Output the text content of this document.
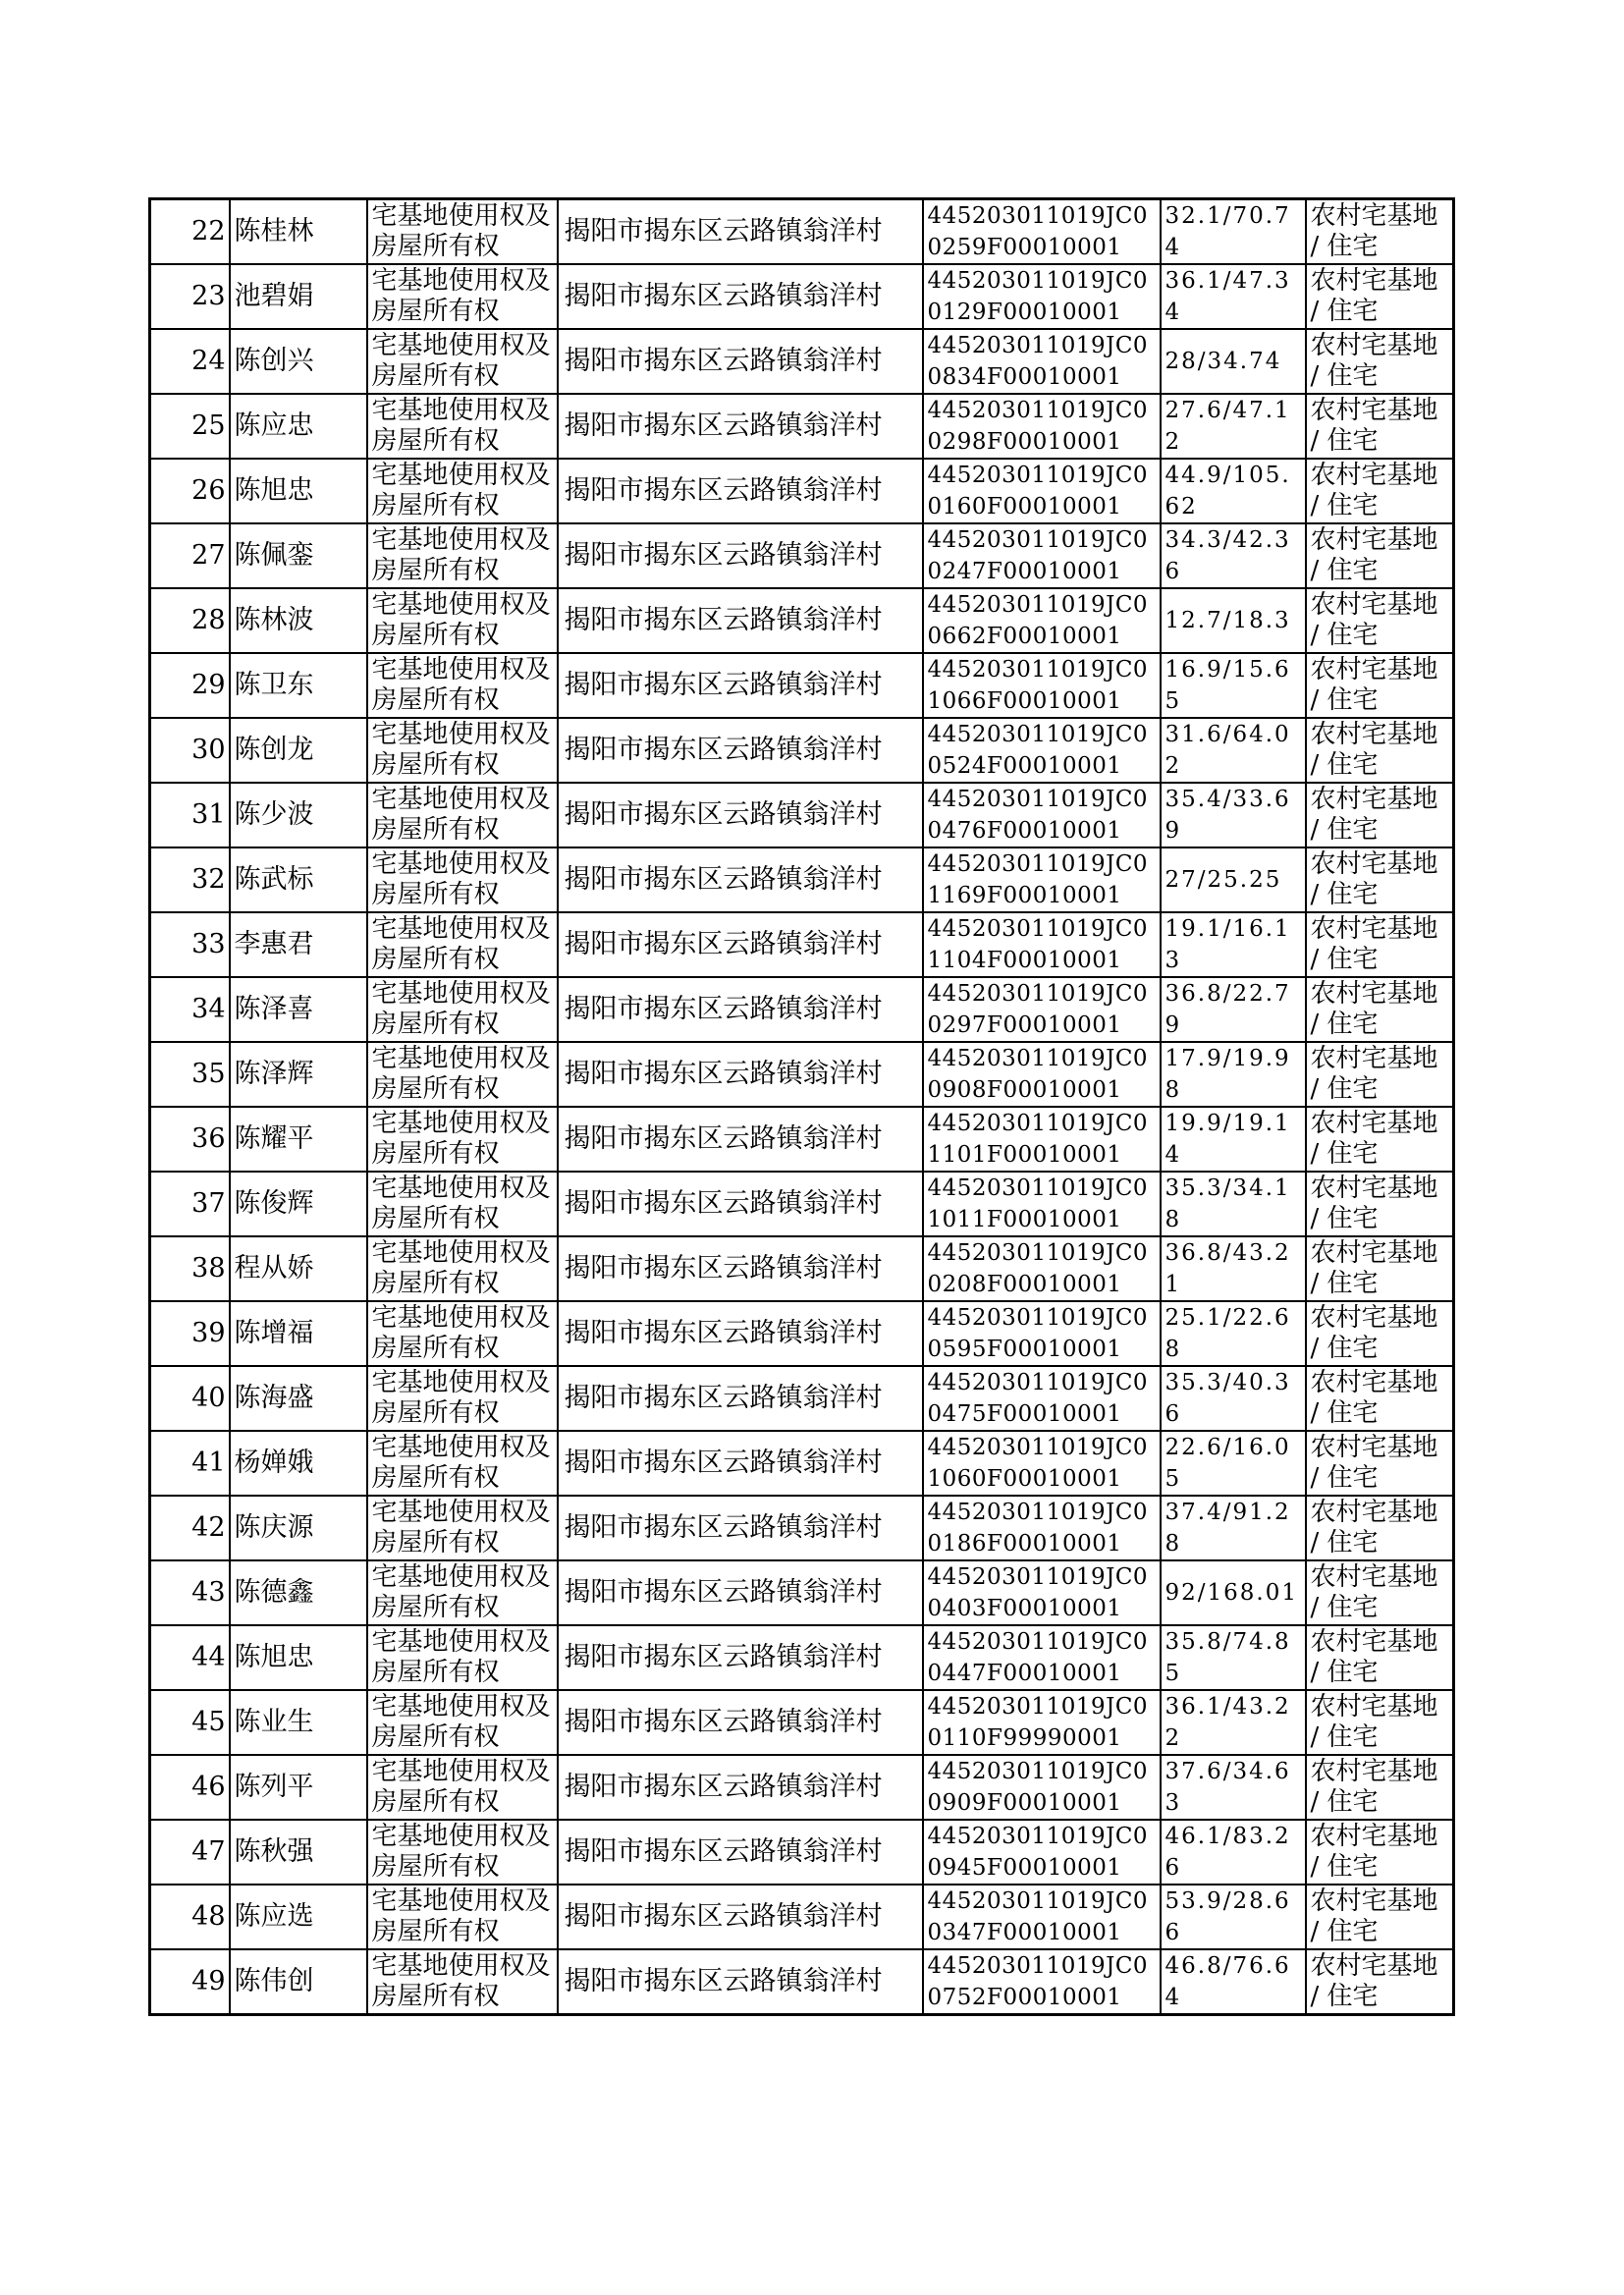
22	陈桂林	宅基地使用权及房屋所有权	揭阳市揭东区云路镇翁洋村	445203011019JC00259F00010001	32.1/70.74	农村宅基地 / 住宅
23	池碧娟	宅基地使用权及房屋所有权	揭阳市揭东区云路镇翁洋村	445203011019JC00129F00010001	36.1/47.34	农村宅基地 / 住宅
24	陈创兴	宅基地使用权及房屋所有权	揭阳市揭东区云路镇翁洋村	445203011019JC00834F00010001	28/34.74	农村宅基地 / 住宅
25	陈应忠	宅基地使用权及房屋所有权	揭阳市揭东区云路镇翁洋村	445203011019JC00298F00010001	27.6/47.12	农村宅基地 / 住宅
26	陈旭忠	宅基地使用权及房屋所有权	揭阳市揭东区云路镇翁洋村	445203011019JC00160F00010001	44.9/105.62	农村宅基地 / 住宅
27	陈佩銮	宅基地使用权及房屋所有权	揭阳市揭东区云路镇翁洋村	445203011019JC00247F00010001	34.3/42.36	农村宅基地 / 住宅
28	陈林波	宅基地使用权及房屋所有权	揭阳市揭东区云路镇翁洋村	445203011019JC00662F00010001	12.7/18.3	农村宅基地 / 住宅
29	陈卫东	宅基地使用权及房屋所有权	揭阳市揭东区云路镇翁洋村	445203011019JC01066F00010001	16.9/15.65	农村宅基地 / 住宅
30	陈创龙	宅基地使用权及房屋所有权	揭阳市揭东区云路镇翁洋村	445203011019JC00524F00010001	31.6/64.02	农村宅基地 / 住宅
31	陈少波	宅基地使用权及房屋所有权	揭阳市揭东区云路镇翁洋村	445203011019JC00476F00010001	35.4/33.69	农村宅基地 / 住宅
32	陈武标	宅基地使用权及房屋所有权	揭阳市揭东区云路镇翁洋村	445203011019JC01169F00010001	27/25.25	农村宅基地 / 住宅
33	李惠君	宅基地使用权及房屋所有权	揭阳市揭东区云路镇翁洋村	445203011019JC01104F00010001	19.1/16.13	农村宅基地 / 住宅
34	陈泽喜	宅基地使用权及房屋所有权	揭阳市揭东区云路镇翁洋村	445203011019JC00297F00010001	36.8/22.79	农村宅基地 / 住宅
35	陈泽辉	宅基地使用权及房屋所有权	揭阳市揭东区云路镇翁洋村	445203011019JC00908F00010001	17.9/19.98	农村宅基地 / 住宅
36	陈耀平	宅基地使用权及房屋所有权	揭阳市揭东区云路镇翁洋村	445203011019JC01101F00010001	19.9/19.14	农村宅基地 / 住宅
37	陈俊辉	宅基地使用权及房屋所有权	揭阳市揭东区云路镇翁洋村	445203011019JC01011F00010001	35.3/34.18	农村宅基地 / 住宅
38	程从娇	宅基地使用权及房屋所有权	揭阳市揭东区云路镇翁洋村	445203011019JC00208F00010001	36.8/43.21	农村宅基地 / 住宅
39	陈增福	宅基地使用权及房屋所有权	揭阳市揭东区云路镇翁洋村	445203011019JC00595F00010001	25.1/22.68	农村宅基地 / 住宅
40	陈海盛	宅基地使用权及房屋所有权	揭阳市揭东区云路镇翁洋村	445203011019JC00475F00010001	35.3/40.36	农村宅基地 / 住宅
41	杨婵娥	宅基地使用权及房屋所有权	揭阳市揭东区云路镇翁洋村	445203011019JC01060F00010001	22.6/16.05	农村宅基地 / 住宅
42	陈庆源	宅基地使用权及房屋所有权	揭阳市揭东区云路镇翁洋村	445203011019JC00186F00010001	37.4/91.28	农村宅基地 / 住宅
43	陈德鑫	宅基地使用权及房屋所有权	揭阳市揭东区云路镇翁洋村	445203011019JC00403F00010001	92/168.01	农村宅基地 / 住宅
44	陈旭忠	宅基地使用权及房屋所有权	揭阳市揭东区云路镇翁洋村	445203011019JC00447F00010001	35.8/74.85	农村宅基地 / 住宅
45	陈业生	宅基地使用权及房屋所有权	揭阳市揭东区云路镇翁洋村	445203011019JC00110F99990001	36.1/43.22	农村宅基地 / 住宅
46	陈列平	宅基地使用权及房屋所有权	揭阳市揭东区云路镇翁洋村	445203011019JC00909F00010001	37.6/34.63	农村宅基地 / 住宅
47	陈秋强	宅基地使用权及房屋所有权	揭阳市揭东区云路镇翁洋村	445203011019JC00945F00010001	46.1/83.26	农村宅基地 / 住宅
48	陈应选	宅基地使用权及房屋所有权	揭阳市揭东区云路镇翁洋村	445203011019JC00347F00010001	53.9/28.66	农村宅基地 / 住宅
49	陈伟创	宅基地使用权及房屋所有权	揭阳市揭东区云路镇翁洋村	445203011019JC00752F00010001	46.8/76.64	农村宅基地 / 住宅
